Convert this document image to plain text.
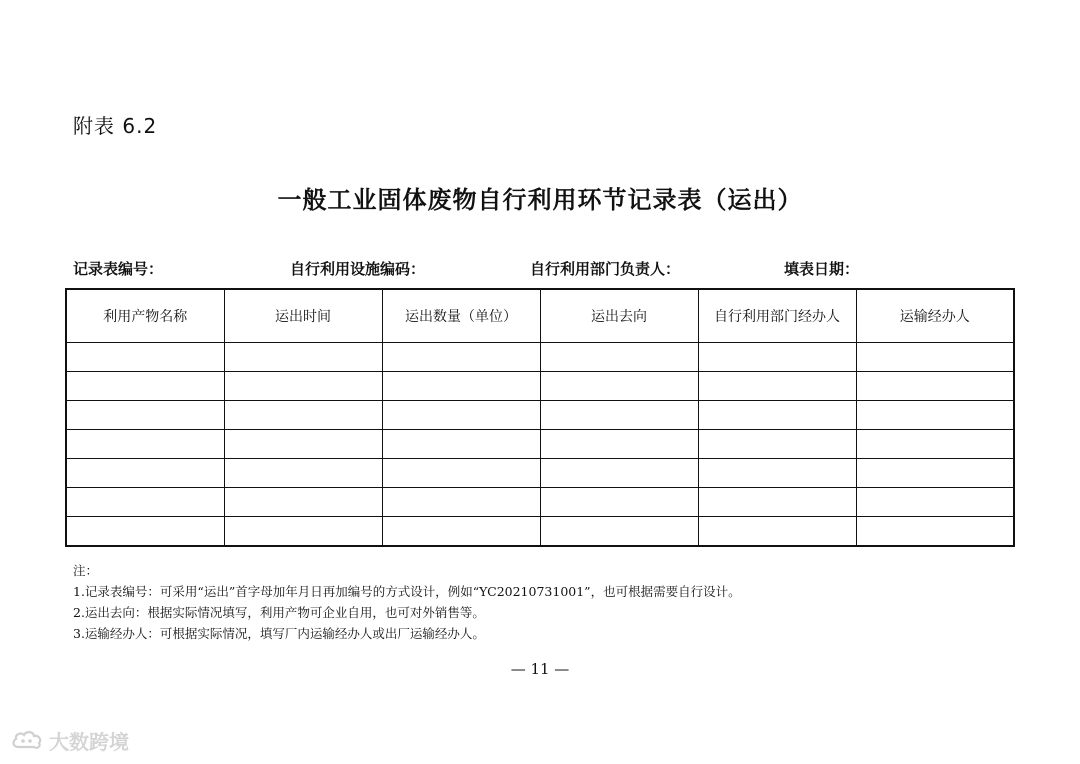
附表 6.2
一般工业固体废物自行利用环节记录表（运出）
记录表编号：	自行利用设施编码：	自行利用部门负责人：	填表日期：
利用产物名称	运出时间	运出数量（单位）	运出去向	自行利用部门经办人	运输经办人

注：
1.记录表编号：可采用“运出”首字母加年月日再加编号的方式设计，例如“YC20210731001”，也可根据需要自行设计。
2.运出去向：根据实际情况填写，利用产物可企业自用，也可对外销售等。
3.运输经办人：可根据实际情况，填写厂内运输经办人或出厂运输经办人。
— 11 —
大数跨境
